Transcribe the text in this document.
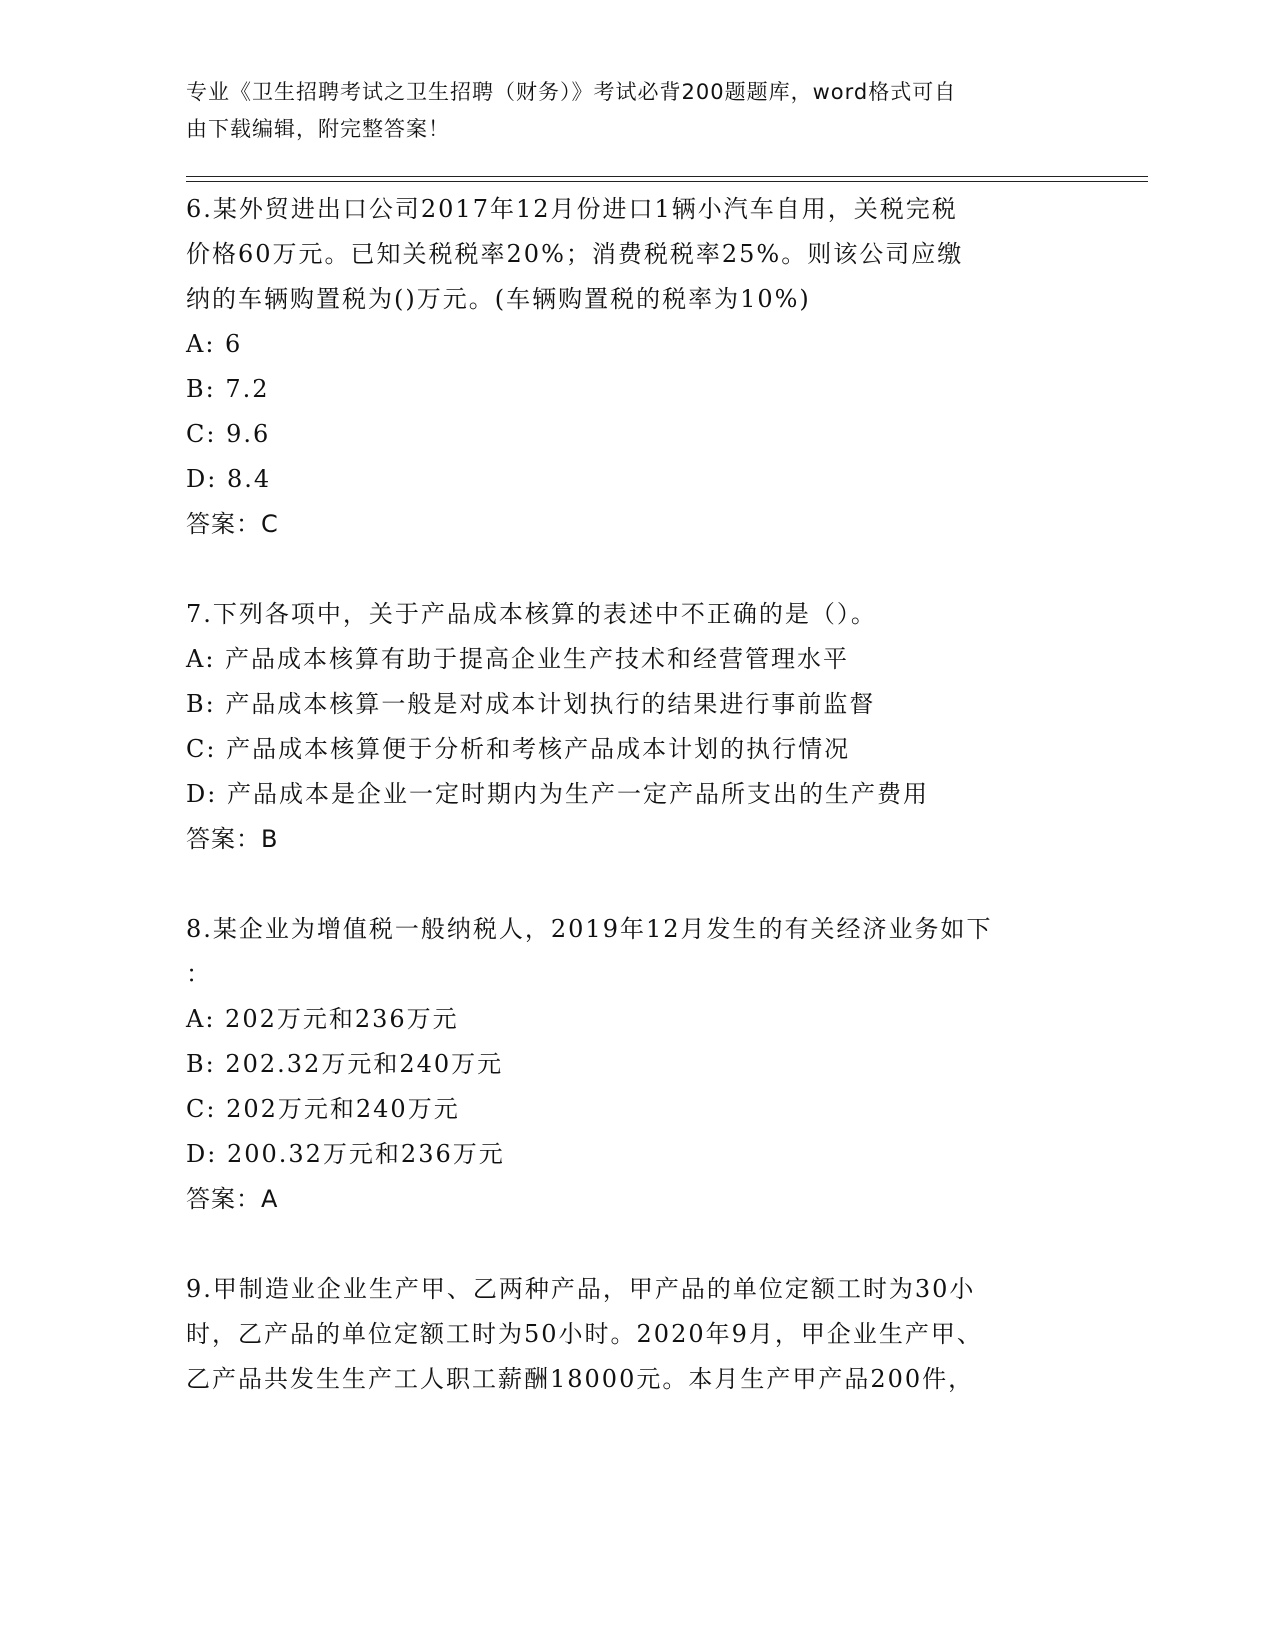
专业《卫生招聘考试之卫生招聘（财务）》考试必背200题题库，word格式可自
由下载编辑，附完整答案！
6.某外贸进出口公司2017年12月份进口1辆小汽车自用，关税完税
价格60万元。已知关税税率20%；消费税税率25%。则该公司应缴
纳的车辆购置税为()万元。(车辆购置税的税率为10%)
A: 6
B: 7.2
C: 9.6
D: 8.4
答案：C
7.下列各项中，关于产品成本核算的表述中不正确的是（）。
A: 产品成本核算有助于提高企业生产技术和经营管理水平
B: 产品成本核算一般是对成本计划执行的结果进行事前监督
C: 产品成本核算便于分析和考核产品成本计划的执行情况
D: 产品成本是企业一定时期内为生产一定产品所支出的生产费用
答案：B
8.某企业为增值税一般纳税人，2019年12月发生的有关经济业务如下
：
A: 202万元和236万元
B: 202.32万元和240万元
C: 202万元和240万元
D: 200.32万元和236万元
答案：A
9.甲制造业企业生产甲、乙两种产品，甲产品的单位定额工时为30小
时，乙产品的单位定额工时为50小时。2020年9月，甲企业生产甲、
乙产品共发生生产工人职工薪酬18000元。本月生产甲产品200件，
